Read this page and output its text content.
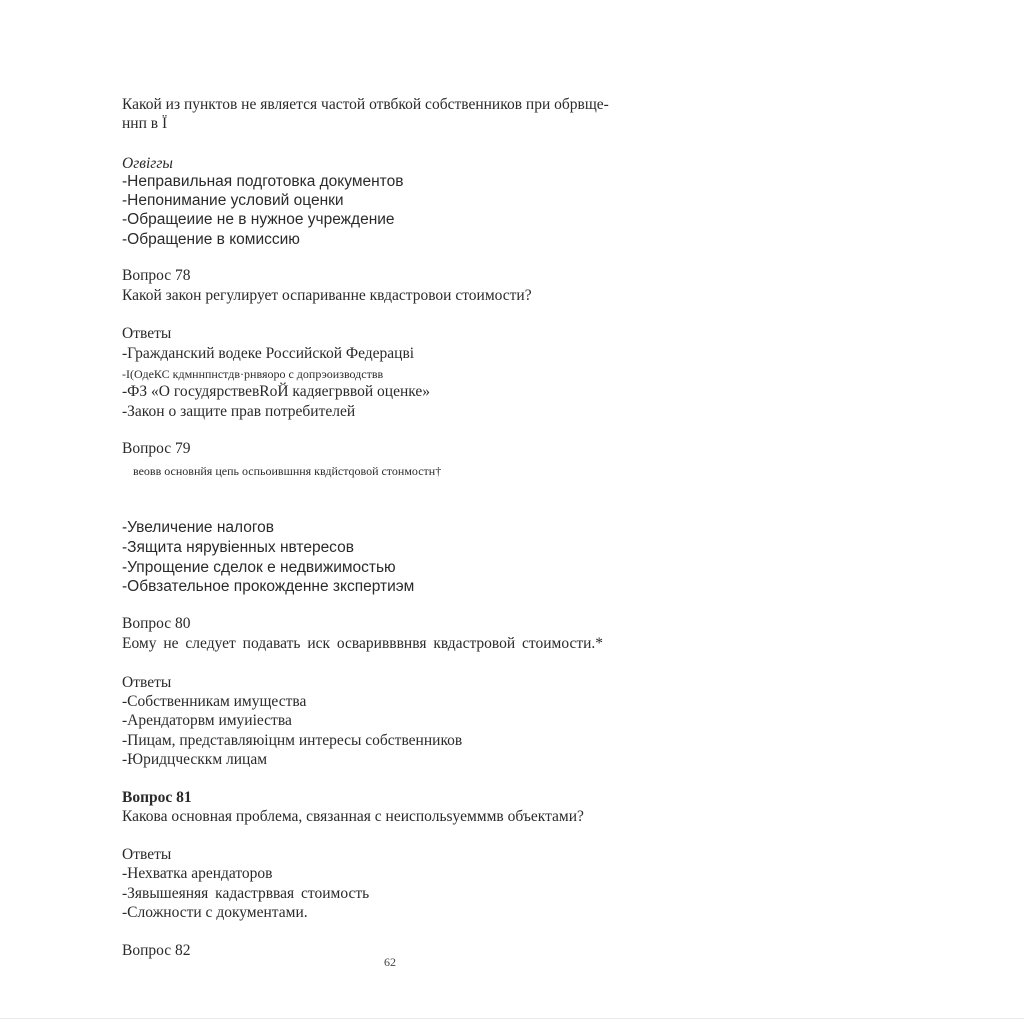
Какой из пунктов не является частой отвбкой собственников при обрвще-
ннп в Ï
Огвіггы
-Неправильная подготовка документов
-Непонимание условий оценки
-Обращеиие не в нужное учреждение
-Обращение в комиссию
Вопрос 78
Какой закон регулирует оспариванне квдастровои стоимости?
Ответы
-Гражданский водеке Российской Федерацві
-І(ОдеКС кдмннпнстдв·рнвяоро с допрэоизводствв
-ФЗ «О госудярствевRоЙ кадяегрввой оценке»
-Закон о защите прав потребителей
Вопрос 79
веовв основнйя цепь оспьоившння квдйстqовой стонмостн†
-Увеличение налогов
-Зящита нярувіенных нвтересов
-Упрощение сделок е недвижимостью
-Обвзательное прокожденне зкспертиэм
Вопрос 80
Еому не следует подавать иск осваривввнвя квдастровой стоимости.*
Ответы
-Собственникам имущества
-Арендаторвм имуиіества
-Пицам, представляюіцнм интересы собственников
-Юридцческкм лицам
Вопрос 81
Какова основная проблема, связанная с неиспольѕуемммв объектами?
Ответы
-Нехватка арендаторов
-Зявышеяняя кадастрввая стоимость
-Сложности с документами.
Вопрос 82
62
